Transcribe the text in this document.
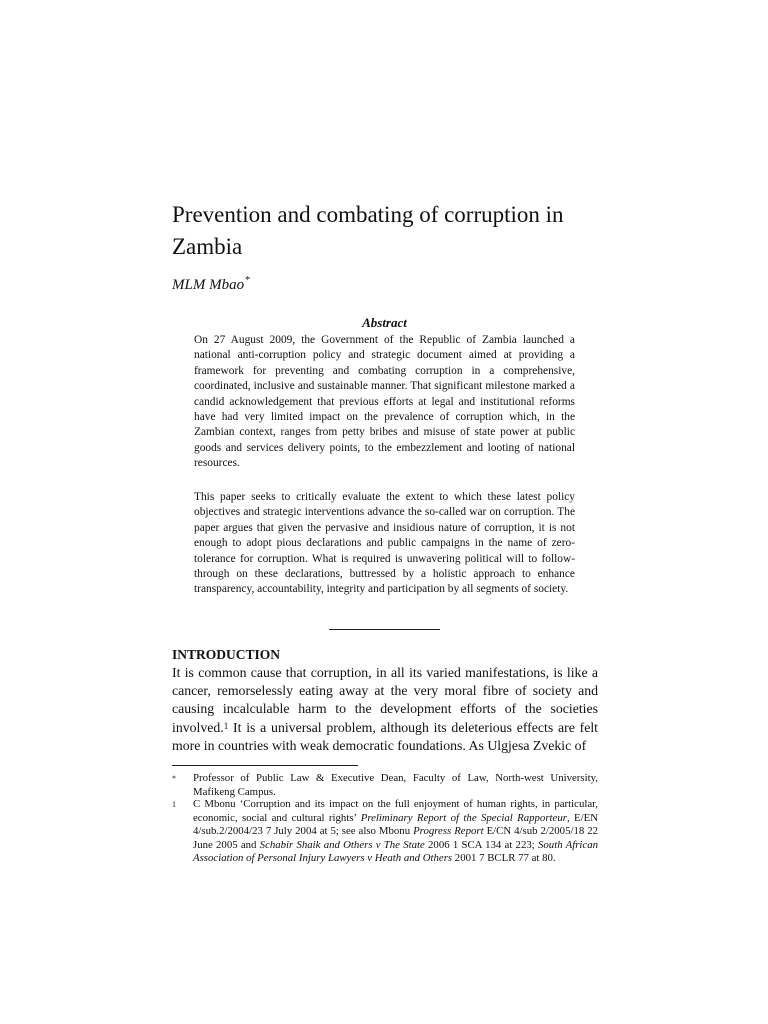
Prevention and combating of corruption in Zambia
MLM Mbao*
Abstract

On 27 August 2009, the Government of the Republic of Zambia launched a national anti-corruption policy and strategic document aimed at providing a framework for preventing and combating corruption in a comprehensive, coordinated, inclusive and sustainable manner. That significant milestone marked a candid acknowledgement that previous efforts at legal and institutional reforms have had very limited impact on the prevalence of corruption which, in the Zambian context, ranges from petty bribes and misuse of state power at public goods and services delivery points, to the embezzlement and looting of national resources.

This paper seeks to critically evaluate the extent to which these latest policy objectives and strategic interventions advance the so-called war on corruption. The paper argues that given the pervasive and insidious nature of corruption, it is not enough to adopt pious declarations and public campaigns in the name of zero-tolerance for corruption. What is required is unwavering political will to follow-through on these declarations, buttressed by a holistic approach to enhance transparency, accountability, integrity and participation by all segments of society.

INTRODUCTION

It is common cause that corruption, in all its varied manifestations, is like a cancer, remorselessly eating away at the very moral fibre of society and causing incalculable harm to the development efforts of the societies involved.$^1$ It is a universal problem, although its deleterious effects are felt more in countries with weak democratic foundations. As Ulgjesa Zvekic of

* Professor of Public Law & Executive Dean, Faculty of Law, North-west University, Mafikeng Campus.
1 C Mbonu ‘Corruption and its impact on the full enjoyment of human rights, in particular, economic, social and cultural rights’ Preliminary Report of the Special Rapporteur, E/EN 4/sub.2/2004/23 7 July 2004 at 5; see also Mbonu Progress Report E/CN 4/sub 2/2005/18 22 June 2005 and Schabir Shaik and Others v The State 2006 1 SCA 134 at 223; South African Association of Personal Injury Lawyers v Heath and Others 2001 7 BCLR 77 at 80.
